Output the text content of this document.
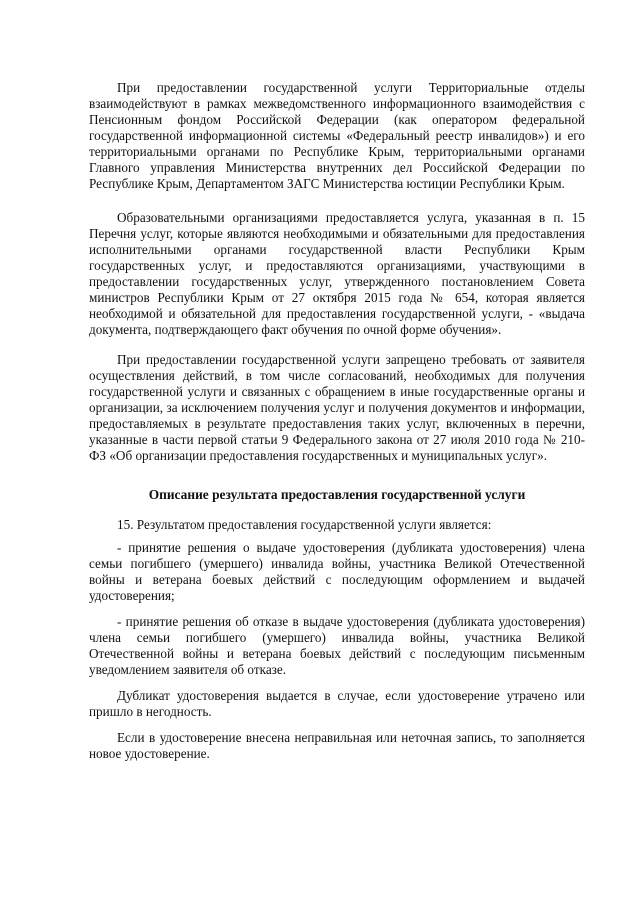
При предоставлении государственной услуги Территориальные отделы взаимодействуют в рамках межведомственного информационного взаимодействия с Пенсионным фондом Российской Федерации (как оператором федеральной государственной информационной системы «Федеральный реестр инвалидов») и его территориальными органами по Республике Крым, территориальными органами Главного управления Министерства внутренних дел Российской Федерации по Республике Крым, Департаментом ЗАГС Министерства юстиции Республики Крым.

Образовательными организациями предоставляется услуга, указанная в п. 15 Перечня услуг, которые являются необходимыми и обязательными для предоставления исполнительными органами государственной власти Республики Крым государственных услуг, и предоставляются организациями, участвующими в предоставлении государственных услуг, утвержденного постановлением Совета министров Республики Крым от 27 октября 2015 года № 654, которая является необходимой и обязательной для предоставления государственной услуги, - «выдача документа, подтверждающего факт обучения по очной форме обучения».

При предоставлении государственной услуги запрещено требовать от заявителя осуществления действий, в том числе согласований, необходимых для получения государственной услуги и связанных с обращением в иные государственные органы и организации, за исключением получения услуг и получения документов и информации, предоставляемых в результате предоставления таких услуг, включенных в перечни, указанные в части первой статьи 9 Федерального закона от 27 июля 2010 года № 210-ФЗ «Об организации предоставления государственных и муниципальных услуг».

Описание результата предоставления государственной услуги

15. Результатом предоставления государственной услуги является:

- принятие решения о выдаче удостоверения (дубликата удостоверения) члена семьи погибшего (умершего) инвалида войны, участника Великой Отечественной войны и ветерана боевых действий с последующим оформлением и выдачей удостоверения;

- принятие решения об отказе в выдаче удостоверения (дубликата удостоверения) члена семьи погибшего (умершего) инвалида войны, участника Великой Отечественной войны и ветерана боевых действий с последующим письменным уведомлением заявителя об отказе.

Дубликат удостоверения выдается в случае, если удостоверение утрачено или пришло в негодность.

Если в удостоверение внесена неправильная или неточная запись, то заполняется новое удостоверение.
